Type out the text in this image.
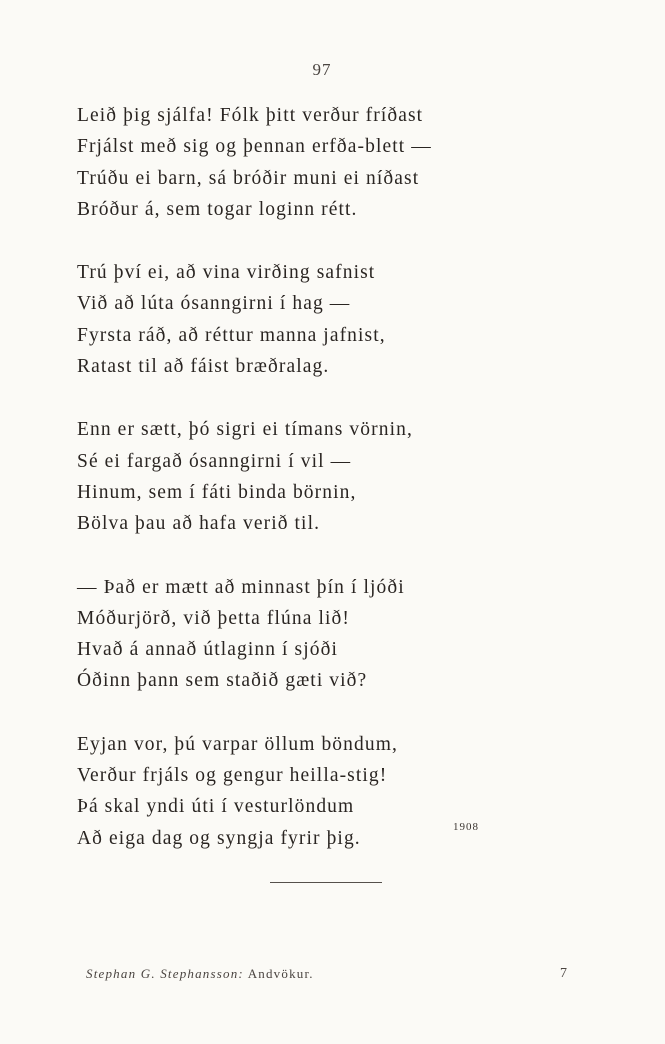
97
Leið þig sjálfa! Fólk þitt verður fríðast
Frjálst með sig og þennan erfða-blett —
Trúðu ei barn, sá bróðir muni ei níðast
Bróður á, sem togar loginn rétt.
Trú því ei, að vina virðing safnist
Við að lúta ósanngirni í hag —
Fyrsta ráð, að réttur manna jafnist,
Ratast til að fáist bræðralag.
Enn er sætt, þó sigri ei tímans vörnin,
Sé ei fargað ósanngirni í vil —
Hinum, sem í fáti binda börnin,
Bölva þau að hafa verið til.
— Það er mætt að minnast þín í ljóði
Móðurjörð, við þetta flúna lið!
Hvað á annað útlaginn í sjóði
Óðinn þann sem staðið gæti við?
Eyjan vor, þú varpar öllum böndum,
Verður frjáls og gengur heilla-stig!
Þá skal yndi úti í vesturlöndum
Að eiga dag og syngja fyrir þig.
1908
Stephan G. Stephansson: Andvökur.	7
